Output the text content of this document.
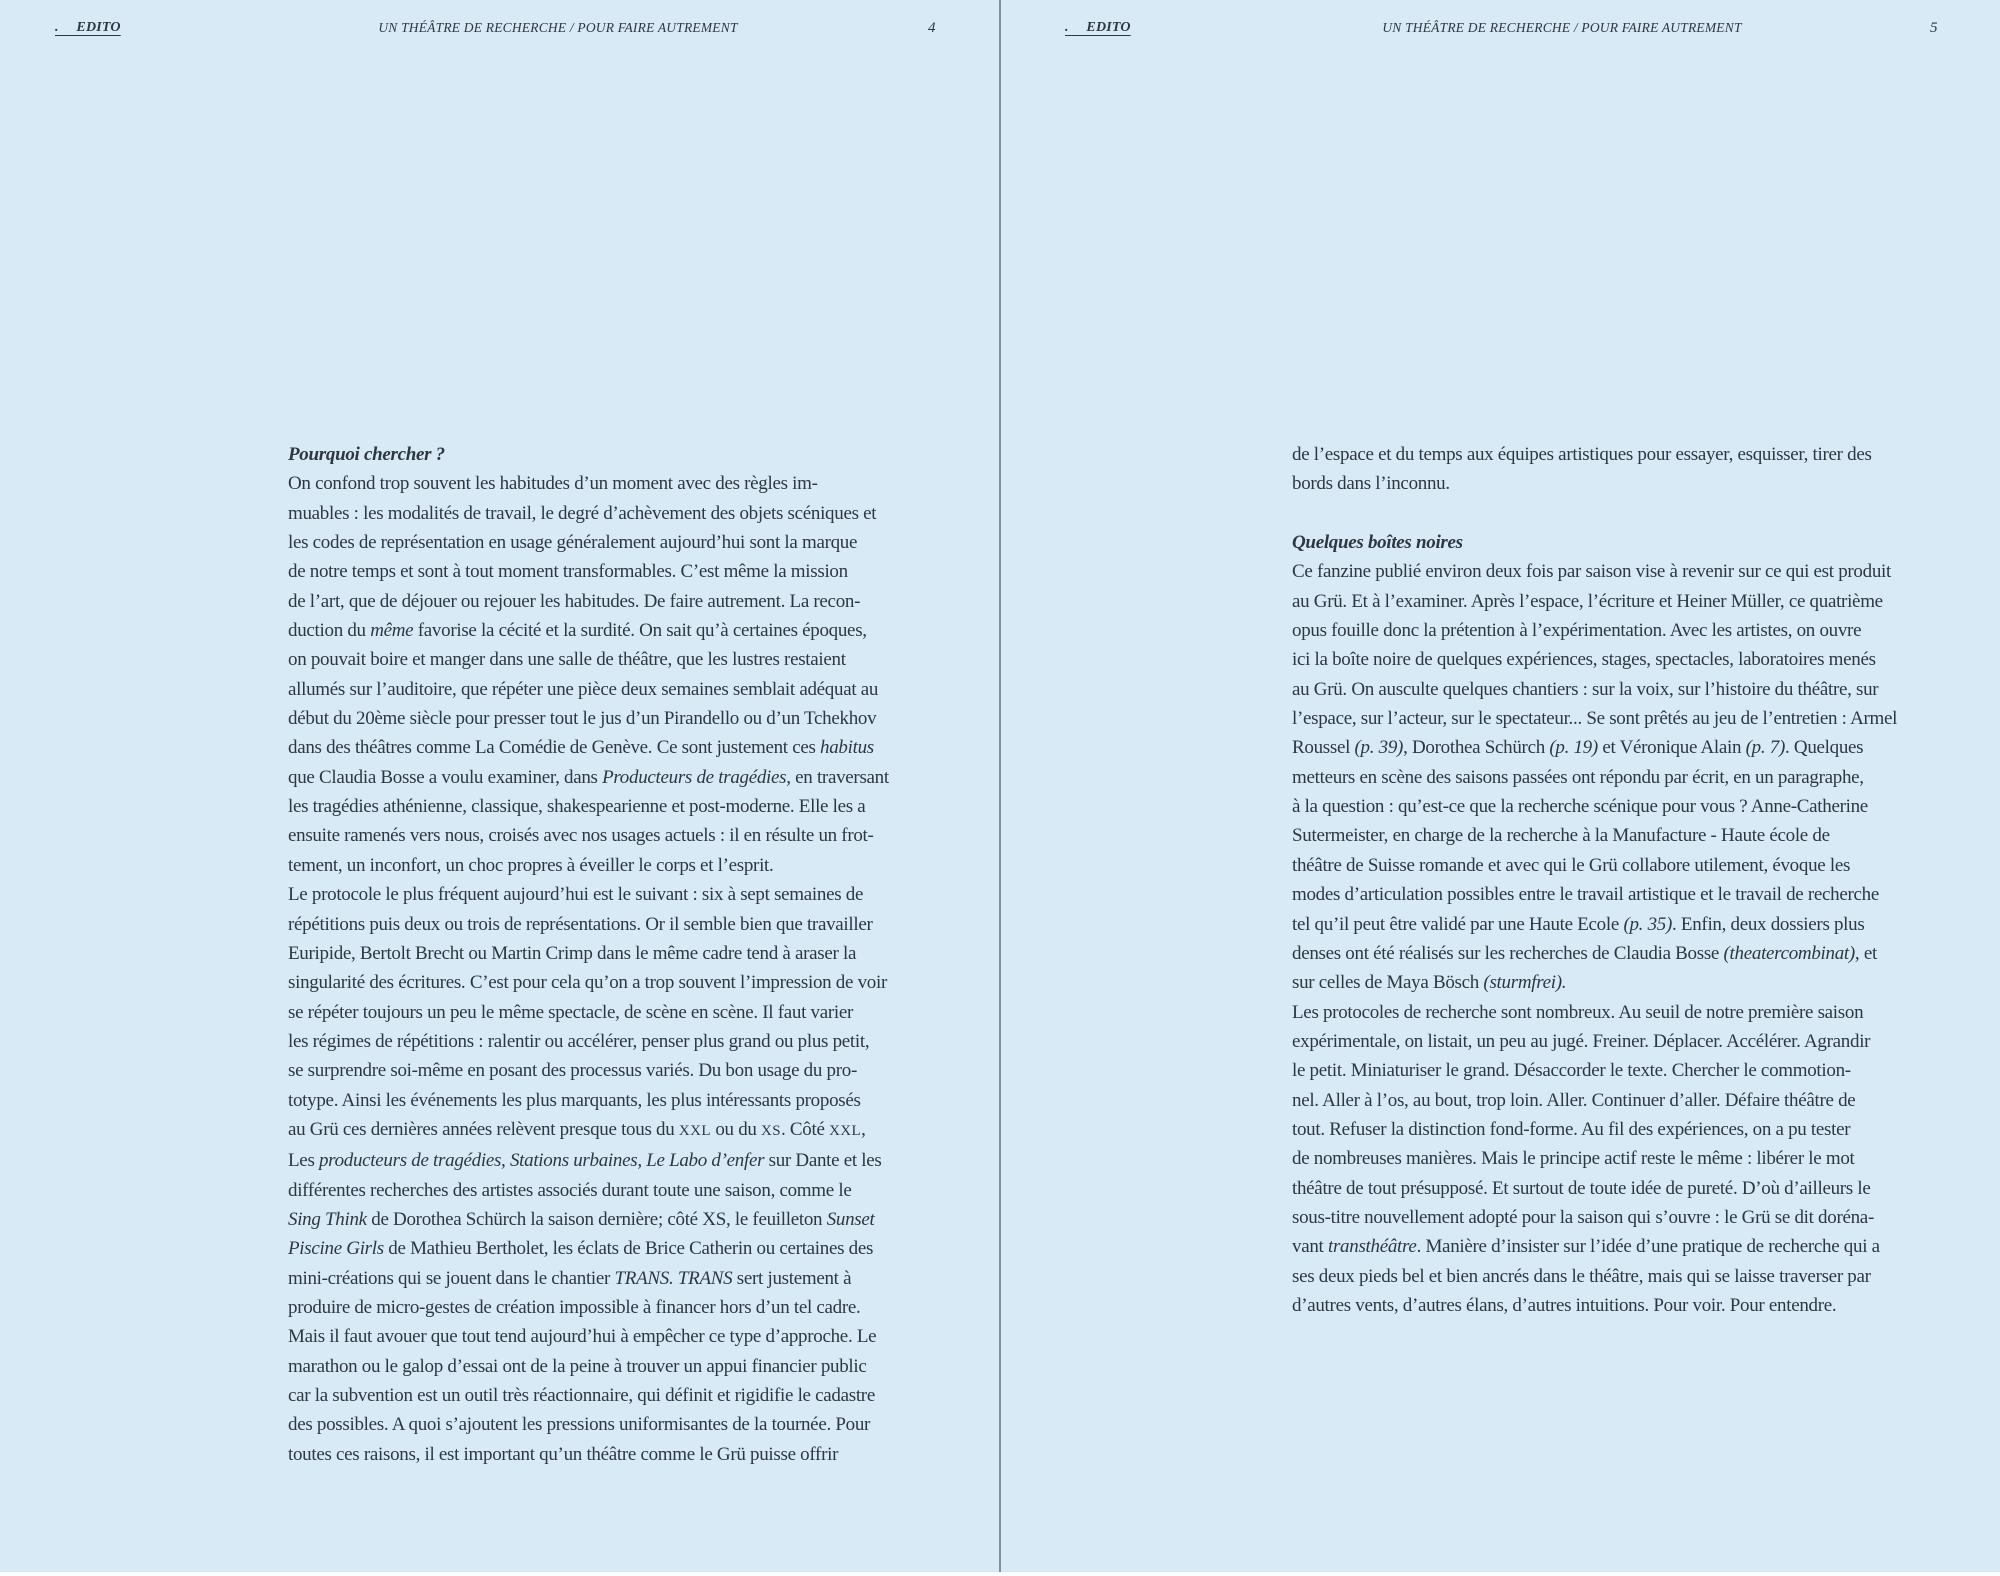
. EDITO	UN THÉÂTRE DE RECHERCHE / POUR FAIRE AUTREMENT	4
Pourquoi chercher ?
On confond trop souvent les habitudes d’un moment avec des règles im-
muables : les modalités de travail, le degré d’achèvement des objets scéniques et
les codes de représentation en usage généralement aujourd’hui sont la marque
de notre temps et sont à tout moment transformables. C’est même la mission
de l’art, que de déjouer ou rejouer les habitudes. De faire autrement. La recon-
duction du même favorise la cécité et la surdité. On sait qu’à certaines époques,
on pouvait boire et manger dans une salle de théâtre, que les lustres restaient
allumés sur l’auditoire, que répéter une pièce deux semaines semblait adéquat au
début du 20ème siècle pour presser tout le jus d’un Pirandello ou d’un Tchekhov
dans des théâtres comme La Comédie de Genève. Ce sont justement ces habitus
que Claudia Bosse a voulu examiner, dans Producteurs de tragédies, en traversant
les tragédies athénienne, classique, shakespearienne et post-moderne. Elle les a
ensuite ramenés vers nous, croisés avec nos usages actuels : il en résulte un frot-
tement, un inconfort, un choc propres à éveiller le corps et l’esprit.
Le protocole le plus fréquent aujourd’hui est le suivant : six à sept semaines de
répétitions puis deux ou trois de représentations. Or il semble bien que travailler
Euripide, Bertolt Brecht ou Martin Crimp dans le même cadre tend à araser la
singularité des écritures. C’est pour cela qu’on a trop souvent l’impression de voir
se répéter toujours un peu le même spectacle, de scène en scène. Il faut varier
les régimes de répétitions : ralentir ou accélérer, penser plus grand ou plus petit,
se surprendre soi-même en posant des processus variés. Du bon usage du pro-
totype. Ainsi les événements les plus marquants, les plus intéressants proposés
au Grü ces dernières années relèvent presque tous du XXL ou du XS. Côté XXL,
Les producteurs de tragédies, Stations urbaines, Le Labo d’enfer sur Dante et les
différentes recherches des artistes associés durant toute une saison, comme le
Sing Think de Dorothea Schürch la saison dernière; côté XS, le feuilleton Sunset
Piscine Girls de Mathieu Bertholet, les éclats de Brice Catherin ou certaines des
mini-créations qui se jouent dans le chantier TRANS. TRANS sert justement à
produire de micro-gestes de création impossible à financer hors d’un tel cadre.
Mais il faut avouer que tout tend aujourd’hui à empêcher ce type d’approche. Le
marathon ou le galop d’essai ont de la peine à trouver un appui financier public
car la subvention est un outil très réactionnaire, qui définit et rigidifie le cadastre
des possibles. A quoi s’ajoutent les pressions uniformisantes de la tournée. Pour
toutes ces raisons, il est important qu’un théâtre comme le Grü puisse offrir
. EDITO	UN THÉÂTRE DE RECHERCHE / POUR FAIRE AUTREMENT	5
de l’espace et du temps aux équipes artistiques pour essayer, esquisser, tirer des
bords dans l’inconnu.
Quelques boîtes noires
Ce fanzine publié environ deux fois par saison vise à revenir sur ce qui est produit
au Grü. Et à l’examiner. Après l’espace, l’écriture et Heiner Müller, ce quatrième
opus fouille donc la prétention à l’expérimentation. Avec les artistes, on ouvre
ici la boîte noire de quelques expériences, stages, spectacles, laboratoires menés
au Grü. On ausculte quelques chantiers : sur la voix, sur l’histoire du théâtre, sur
l’espace, sur l’acteur, sur le spectateur... Se sont prêtés au jeu de l’entretien : Armel
Roussel (p. 39), Dorothea Schürch (p. 19) et Véronique Alain (p. 7). Quelques
metteurs en scène des saisons passées ont répondu par écrit, en un paragraphe,
à la question : qu’est-ce que la recherche scénique pour vous ? Anne-Catherine
Sutermeister, en charge de la recherche à la Manufacture - Haute école de
théâtre de Suisse romande et avec qui le Grü collabore utilement, évoque les
modes d’articulation possibles entre le travail artistique et le travail de recherche
tel qu’il peut être validé par une Haute Ecole (p. 35). Enfin, deux dossiers plus
denses ont été réalisés sur les recherches de Claudia Bosse (theatercombinat), et
sur celles de Maya Bösch (sturmfrei).
Les protocoles de recherche sont nombreux. Au seuil de notre première saison
expérimentale, on listait, un peu au jugé. Freiner. Déplacer. Accélérer. Agrandir
le petit. Miniaturiser le grand. Désaccorder le texte. Chercher le commotion-
nel. Aller à l’os, au bout, trop loin. Aller. Continuer d’aller. Défaire théâtre de
tout. Refuser la distinction fond-forme. Au fil des expériences, on a pu tester
de nombreuses manières. Mais le principe actif reste le même : libérer le mot
théâtre de tout présupposé. Et surtout de toute idée de pureté. D’où d’ailleurs le
sous-titre nouvellement adopté pour la saison qui s’ouvre : le Grü se dit doréna-
vant transthéâtre. Manière d’insister sur l’idée d’une pratique de recherche qui a
ses deux pieds bel et bien ancrés dans le théâtre, mais qui se laisse traverser par
d’autres vents, d’autres élans, d’autres intuitions. Pour voir. Pour entendre.
